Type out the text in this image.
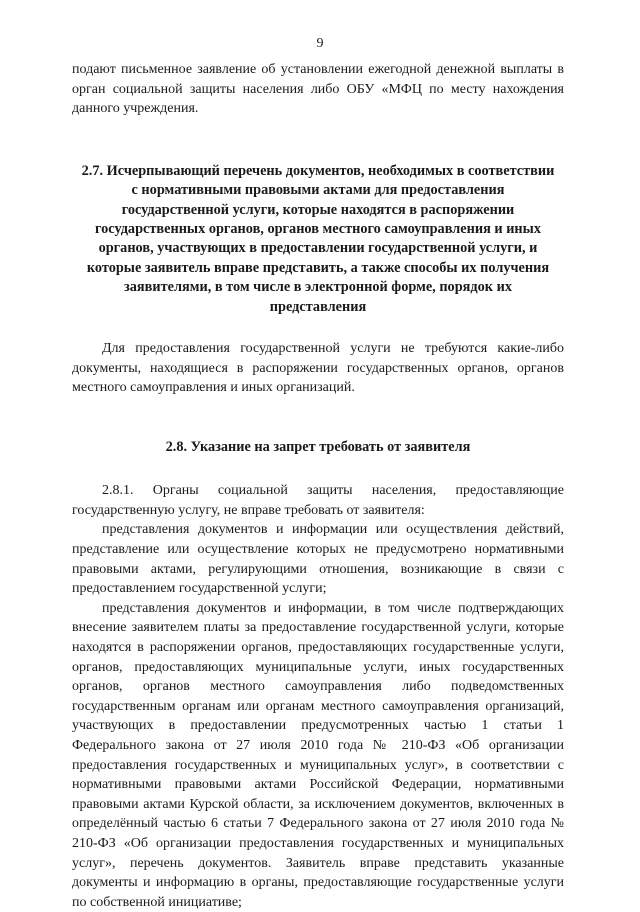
9

подают письменное заявление об установлении ежегодной денежной выплаты в орган социальной защиты населения либо ОБУ «МФЦ по месту нахождения данного учреждения.

2.7. Исчерпывающий перечень документов, необходимых в соответствии с нормативными правовыми актами для предоставления государственной услуги, которые находятся в распоряжении государственных органов, органов местного самоуправления и иных органов, участвующих в предоставлении государственной услуги, и которые заявитель вправе представить, а также способы их получения заявителями, в том числе в электронной форме, порядок их представления

Для предоставления государственной услуги не требуются какие-либо документы, находящиеся в распоряжении государственных органов, органов местного самоуправления и иных организаций.

2.8. Указание на запрет требовать от заявителя

2.8.1. Органы социальной защиты населения, предоставляющие государственную услугу, не вправе требовать от заявителя:

представления документов и информации или осуществления действий, представление или осуществление которых не предусмотрено нормативными правовыми актами, регулирующими отношения, возникающие в связи с предоставлением государственной услуги;

представления документов и информации, в том числе подтверждающих внесение заявителем платы за предоставление государственной услуги, которые находятся в распоряжении органов, предоставляющих государственные услуги, органов, предоставляющих муниципальные услуги, иных государственных органов, органов местного самоуправления либо подведомственных государственным органам или органам местного самоуправления организаций, участвующих в предоставлении предусмотренных частью 1 статьи 1 Федерального закона от 27 июля 2010 года № 210-ФЗ «Об организации предоставления государственных и муниципальных услуг», в соответствии с нормативными правовыми актами Российской Федерации, нормативными правовыми актами Курской области, за исключением документов, включенных в определённый частью 6 статьи 7 Федерального закона от 27 июля 2010 года № 210-ФЗ «Об организации предоставления государственных и муниципальных услуг», перечень документов. Заявитель вправе представить указанные документы и информацию в органы, предоставляющие государственные услуги по собственной инициативе;
